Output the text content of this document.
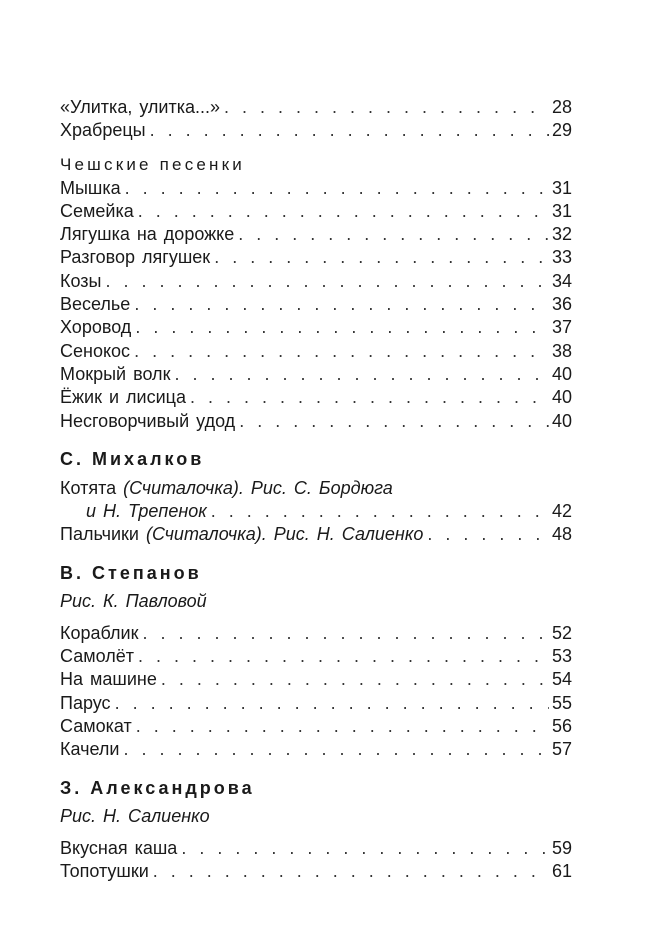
«Улитка, улитка...» . . .	28
Храбрецы . . .	29
Чешские песенки
Мышка . . .	31
Семейка . . .	31
Лягушка на дорожке . . .	32
Разговор лягушек . . .	33
Козы . . .	34
Веселье . . .	36
Хоровод . . .	37
Сенокос . . .	38
Мокрый волк . . .	40
Ёжик и лисица . . .	40
Несговорчивый удод . . .	40
С. Михалков
Котята (Считалочка). Рис. С. Бордюга
и Н. Трепенок . . .	42
Пальчики (Считалочка). Рис. Н. Салиенко . . .	48
В. Степанов
Рис. К. Павловой
Кораблик . . .	52
Самолёт . . .	53
На машине . . .	54
Парус . . .	55
Самокат . . .	56
Качели . . .	57
З. Александрова
Рис. Н. Салиенко
Вкусная каша . . .	59
Топотушки . . .	61
